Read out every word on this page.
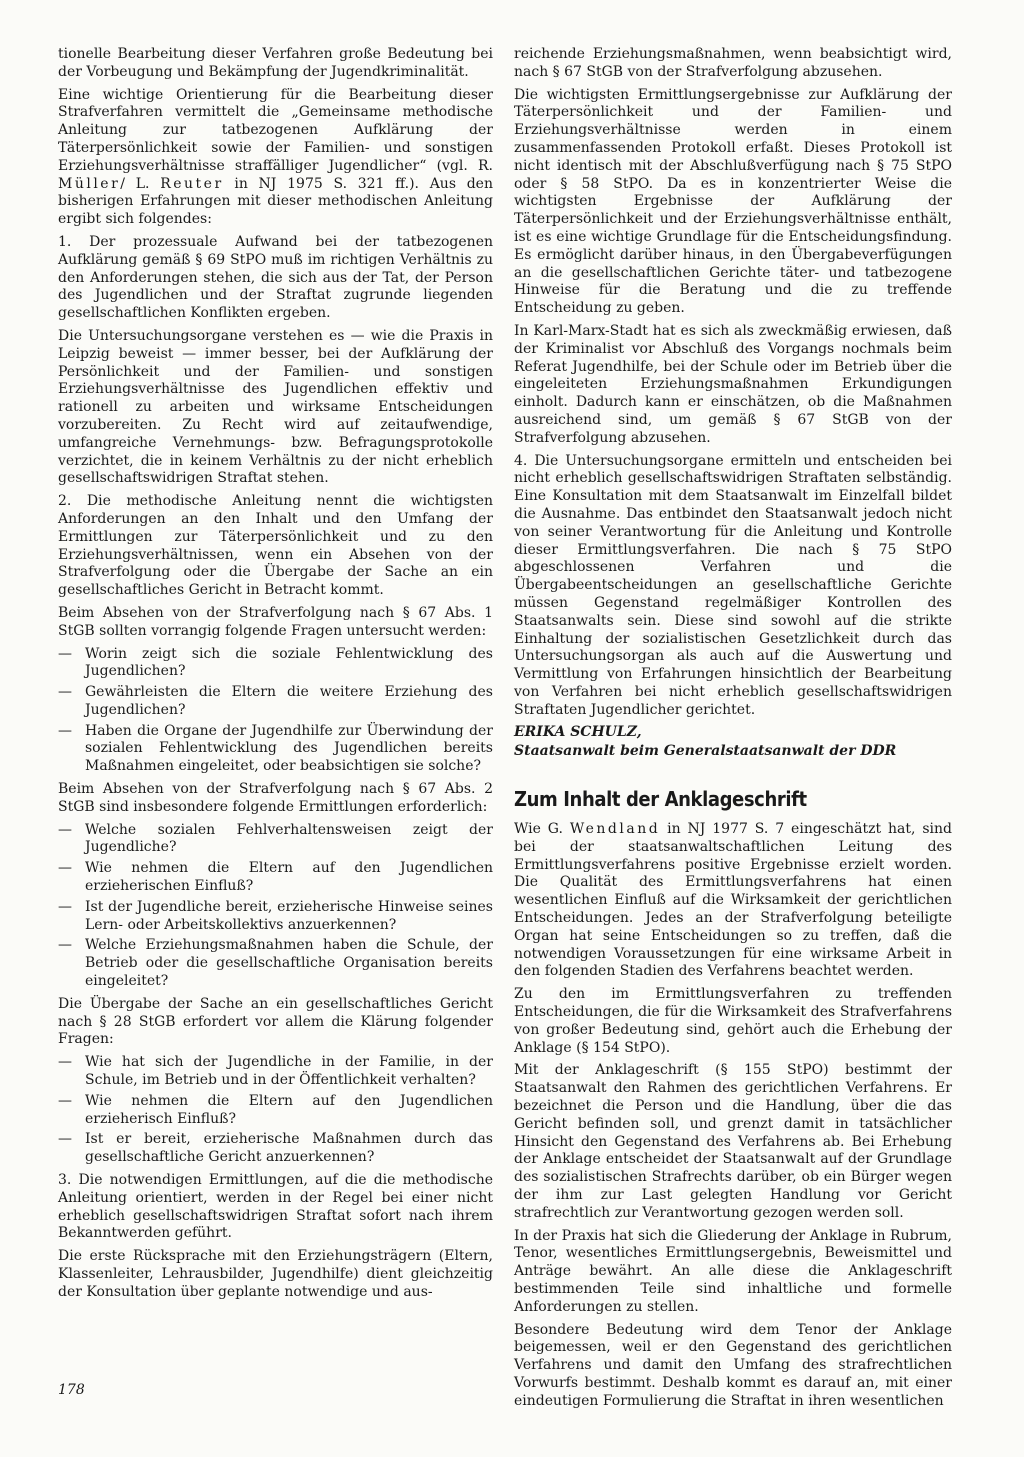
tionelle Bearbeitung dieser Verfahren große Bedeutung bei der Vorbeugung und Bekämpfung der Jugendkriminalität.

Eine wichtige Orientierung für die Bearbeitung dieser Strafverfahren vermittelt die „Gemeinsame methodische Anleitung zur tatbezogenen Aufklärung der Täterpersönlichkeit sowie der Familien- und sonstigen Erziehungsverhältnisse straffälliger Jugendlicher“ (vgl. R. Müller/ L. Reuter in NJ 1975 S. 321 ff.). Aus den bisherigen Erfahrungen mit dieser methodischen Anleitung ergibt sich folgendes:

1. Der prozessuale Aufwand bei der tatbezogenen Aufklärung gemäß § 69 StPO muß im richtigen Verhältnis zu den Anforderungen stehen, die sich aus der Tat, der Person des Jugendlichen und der Straftat zugrunde liegenden gesellschaftlichen Konflikten ergeben.

Die Untersuchungsorgane verstehen es — wie die Praxis in Leipzig beweist — immer besser, bei der Aufklärung der Persönlichkeit und der Familien- und sonstigen Erziehungsverhältnisse des Jugendlichen effektiv und rationell zu arbeiten und wirksame Entscheidungen vorzubereiten. Zu Recht wird auf zeitaufwendige, umfangreiche Vernehmungs- bzw. Befragungsprotokolle verzichtet, die in keinem Verhältnis zu der nicht erheblich gesellschaftswidrigen Straftat stehen.

2. Die methodische Anleitung nennt die wichtigsten Anforderungen an den Inhalt und den Umfang der Ermittlungen zur Täterpersönlichkeit und zu den Erziehungsverhältnissen, wenn ein Absehen von der Strafverfolgung oder die Übergabe der Sache an ein gesellschaftliches Gericht in Betracht kommt.

Beim Absehen von der Strafverfolgung nach § 67 Abs. 1 StGB sollten vorrangig folgende Fragen untersucht werden:

— Worin zeigt sich die soziale Fehlentwicklung des Jugendlichen?
— Gewährleisten die Eltern die weitere Erziehung des Jugendlichen?
— Haben die Organe der Jugendhilfe zur Überwindung der sozialen Fehlentwicklung des Jugendlichen bereits Maßnahmen eingeleitet, oder beabsichtigen sie solche?

Beim Absehen von der Strafverfolgung nach § 67 Abs. 2 StGB sind insbesondere folgende Ermittlungen erforderlich:

— Welche sozialen Fehlverhaltensweisen zeigt der Jugendliche?
— Wie nehmen die Eltern auf den Jugendlichen erzieherischen Einfluß?
— Ist der Jugendliche bereit, erzieherische Hinweise seines Lern- oder Arbeitskollektivs anzuerkennen?
— Welche Erziehungsmaßnahmen haben die Schule, der Betrieb oder die gesellschaftliche Organisation bereits eingeleitet?

Die Übergabe der Sache an ein gesellschaftliches Gericht nach § 28 StGB erfordert vor allem die Klärung folgender Fragen:

— Wie hat sich der Jugendliche in der Familie, in der Schule, im Betrieb und in der Öffentlichkeit verhalten?
— Wie nehmen die Eltern auf den Jugendlichen erzieherisch Einfluß?
— Ist er bereit, erzieherische Maßnahmen durch das gesellschaftliche Gericht anzuerkennen?

3. Die notwendigen Ermittlungen, auf die die methodische Anleitung orientiert, werden in der Regel bei einer nicht erheblich gesellschaftswidrigen Straftat sofort nach ihrem Bekanntwerden geführt.

Die erste Rücksprache mit den Erziehungsträgern (Eltern, Klassenleiter, Lehrausbilder, Jugendhilfe) dient gleichzeitig der Konsultation über geplante notwendige und aus-

reichende Erziehungsmaßnahmen, wenn beabsichtigt wird, nach § 67 StGB von der Strafverfolgung abzusehen.

Die wichtigsten Ermittlungsergebnisse zur Aufklärung der Täterpersönlichkeit und der Familien- und Erziehungsverhältnisse werden in einem zusammenfassenden Protokoll erfaßt. Dieses Protokoll ist nicht identisch mit der Abschlußverfügung nach § 75 StPO oder § 58 StPO. Da es in konzentrierter Weise die wichtigsten Ergebnisse der Aufklärung der Täterpersönlichkeit und der Erziehungsverhältnisse enthält, ist es eine wichtige Grundlage für die Entscheidungsfindung. Es ermöglicht darüber hinaus, in den Übergabeverfügungen an die gesellschaftlichen Gerichte täter- und tatbezogene Hinweise für die Beratung und die zu treffende Entscheidung zu geben.

In Karl-Marx-Stadt hat es sich als zweckmäßig erwiesen, daß der Kriminalist vor Abschluß des Vorgangs nochmals beim Referat Jugendhilfe, bei der Schule oder im Betrieb über die eingeleiteten Erziehungsmaßnahmen Erkundigungen einholt. Dadurch kann er einschätzen, ob die Maßnahmen ausreichend sind, um gemäß § 67 StGB von der Strafverfolgung abzusehen.

4. Die Untersuchungsorgane ermitteln und entscheiden bei nicht erheblich gesellschaftswidrigen Straftaten selbständig. Eine Konsultation mit dem Staatsanwalt im Einzelfall bildet die Ausnahme. Das entbindet den Staatsanwalt jedoch nicht von seiner Verantwortung für die Anleitung und Kontrolle dieser Ermittlungsverfahren. Die nach § 75 StPO abgeschlossenen Verfahren und die Übergabeentscheidungen an gesellschaftliche Gerichte müssen Gegenstand regelmäßiger Kontrollen des Staatsanwalts sein. Diese sind sowohl auf die strikte Einhaltung der sozialistischen Gesetzlichkeit durch das Untersuchungsorgan als auch auf die Auswertung und Vermittlung von Erfahrungen hinsichtlich der Bearbeitung von Verfahren bei nicht erheblich gesellschaftswidrigen Straftaten Jugendlicher gerichtet.

ERIKA SCHULZ,
Staatsanwalt beim Generalstaatsanwalt der DDR
Zum Inhalt der Anklageschrift

Wie G. Wendland in NJ 1977 S. 7 eingeschätzt hat, sind bei der staatsanwaltschaftlichen Leitung des Ermittlungsverfahrens positive Ergebnisse erzielt worden. Die Qualität des Ermittlungsverfahrens hat einen wesentlichen Einfluß auf die Wirksamkeit der gerichtlichen Entscheidungen. Jedes an der Strafverfolgung beteiligte Organ hat seine Entscheidungen so zu treffen, daß die notwendigen Voraussetzungen für eine wirksame Arbeit in den folgenden Stadien des Verfahrens beachtet werden.

Zu den im Ermittlungsverfahren zu treffenden Entscheidungen, die für die Wirksamkeit des Strafverfahrens von großer Bedeutung sind, gehört auch die Erhebung der Anklage (§ 154 StPO).

Mit der Anklageschrift (§ 155 StPO) bestimmt der Staatsanwalt den Rahmen des gerichtlichen Verfahrens. Er bezeichnet die Person und die Handlung, über die das Gericht befinden soll, und grenzt damit in tatsächlicher Hinsicht den Gegenstand des Verfahrens ab. Bei Erhebung der Anklage entscheidet der Staatsanwalt auf der Grundlage des sozialistischen Strafrechts darüber, ob ein Bürger wegen der ihm zur Last gelegten Handlung vor Gericht strafrechtlich zur Verantwortung gezogen werden soll.

In der Praxis hat sich die Gliederung der Anklage in Rubrum, Tenor, wesentliches Ermittlungsergebnis, Beweismittel und Anträge bewährt. An alle diese die Anklageschrift bestimmenden Teile sind inhaltliche und formelle Anforderungen zu stellen.

Besondere Bedeutung wird dem Tenor der Anklage beigemessen, weil er den Gegenstand des gerichtlichen Verfahrens und damit den Umfang des strafrechtlichen Vorwurfs bestimmt. Deshalb kommt es darauf an, mit einer eindeutigen Formulierung die Straftat in ihren wesentlichen

178
